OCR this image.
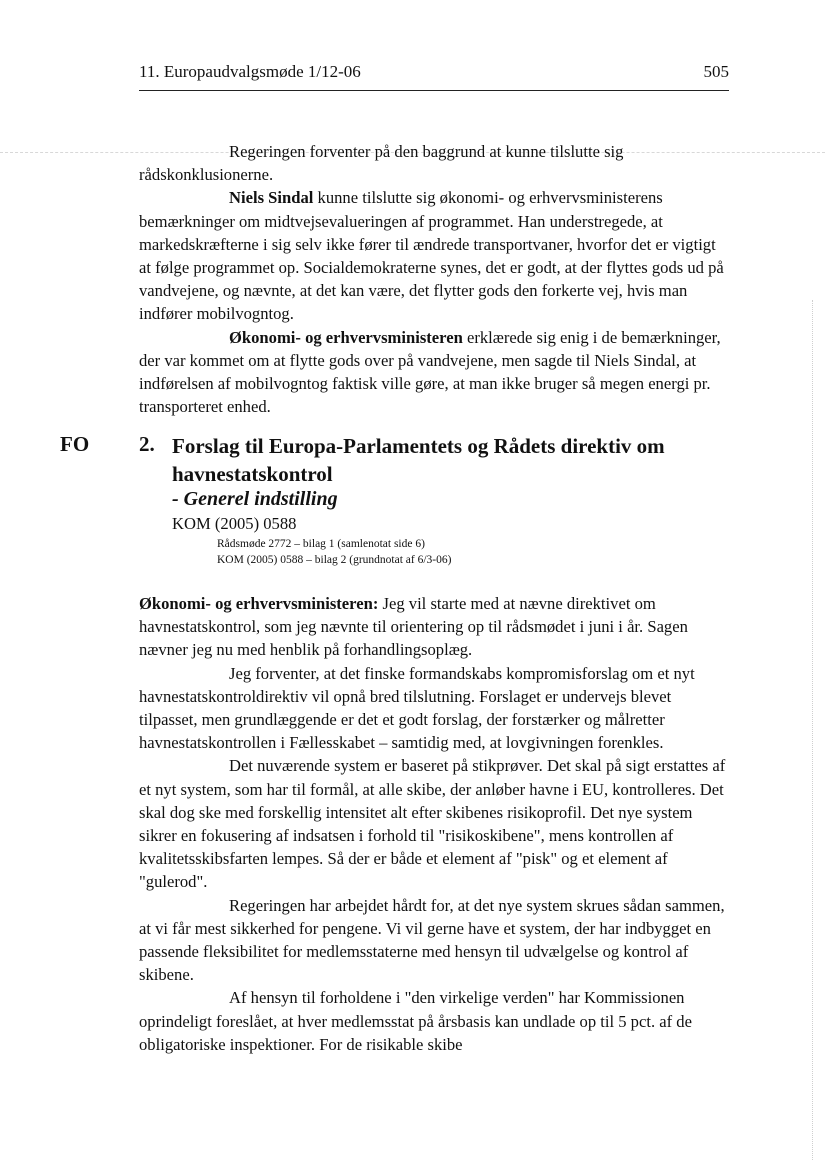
11. Europaudvalgsmøde 1/12-06	505

Regeringen forventer på den baggrund at kunne tilslutte sig

rådskonklusionerne.

Niels Sindal kunne tilslutte sig økonomi- og erhvervsministerens bemærkninger om midtvejsevalueringen af programmet. Han understregede, at markedskræfterne i sig selv ikke fører til ændrede transportvaner, hvorfor det er vigtigt at følge programmet op. Socialdemokraterne synes, det er godt, at der flyttes gods ud på vandvejene, og nævnte, at det kan være, det flytter gods den forkerte vej, hvis man indfører mobilvogntog.

Økonomi- og erhvervsministeren erklærede sig enig i de bemærkninger, der var kommet om at flytte gods over på vandvejene, men sagde til Niels Sindal, at indførelsen af mobilvogntog faktisk ville gøre, at man ikke bruger så megen energi pr. transporteret enhed.

FO 2. Forslag til Europa-Parlamentets og Rådets direktiv om havnestatskontrol
- Generel indstilling
KOM (2005) 0588
Rådsmøde 2772 – bilag 1 (samlenotat side 6)
KOM (2005) 0588 – bilag 2 (grundnotat af 6/3-06)

Økonomi- og erhvervsministeren: Jeg vil starte med at nævne direktivet om havnestatskontrol, som jeg nævnte til orientering op til rådsmødet i juni i år. Sagen nævner jeg nu med henblik på forhandlingsoplæg.

Jeg forventer, at det finske formandskabs kompromisforslag om et nyt havnestatskontroldirektiv vil opnå bred tilslutning. Forslaget er undervejs blevet tilpasset, men grundlæggende er det et godt forslag, der forstærker og målretter havnestatskontrollen i Fællesskabet – samtidig med, at lovgivningen forenkles.

Det nuværende system er baseret på stikprøver. Det skal på sigt erstattes af et nyt system, som har til formål, at alle skibe, der anløber havne i EU, kontrolleres. Det skal dog ske med forskellig intensitet alt efter skibenes risikoprofil. Det nye system sikrer en fokusering af indsatsen i forhold til "risikoskibene", mens kontrollen af kvalitetsskibsfarten lempes. Så der er både et element af "pisk" og et element af "gulerod".

Regeringen har arbejdet hårdt for, at det nye system skrues sådan sammen, at vi får mest sikkerhed for pengene. Vi vil gerne have et system, der har indbygget en passende fleksibilitet for medlemsstaterne med hensyn til udvælgelse og kontrol af skibene.

Af hensyn til forholdene i "den virkelige verden" har Kommissionen oprindeligt foreslået, at hver medlemsstat på årsbasis kan undlade op til 5 pct. af de obligatoriske inspektioner. For de risikable skibe
